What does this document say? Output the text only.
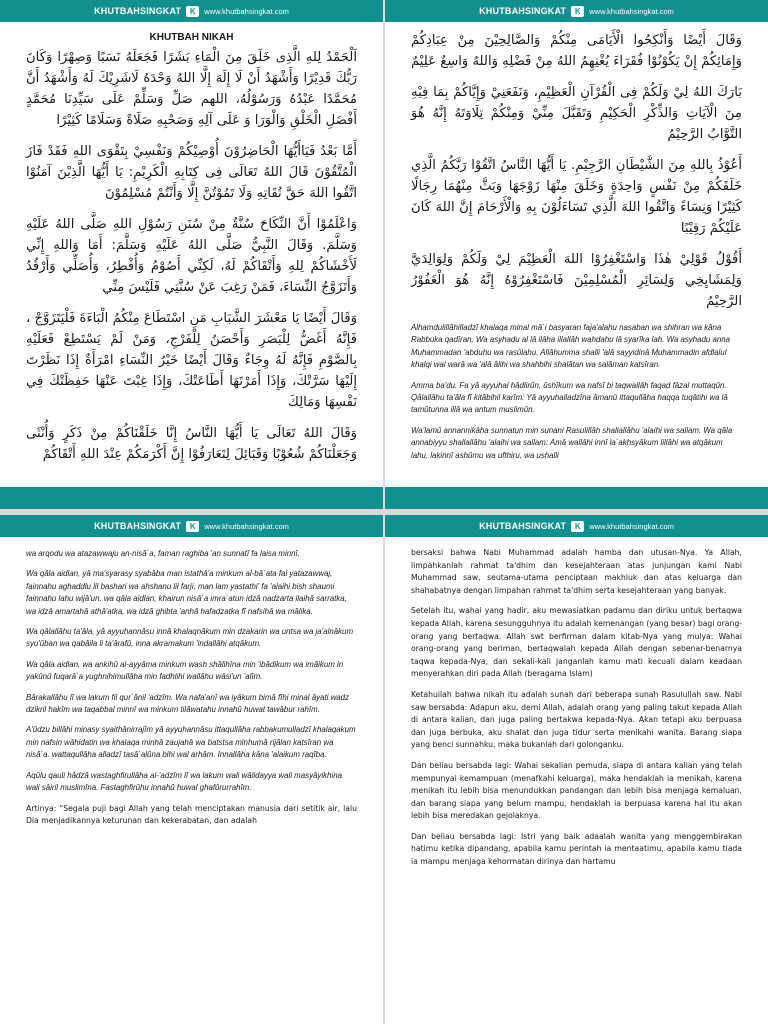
KHUTBAHSINGKAT	K	www.khutbahsingkat.com
KHUTBAH NIKAH

اَلْحَمْدُ لِلهِ الَّذِى خَلَقَ مِنَ الْمَاءِ بَشَرًا فَجَعَلَهُ نَسَبًا وَصِهْرًا وَكَانَ رَبُّكَ قَدِيْرًا وَأَشْهَدُ أَنْ لَا إِلَهَ إِلَّا اللهُ وَحْدَهُ لَاشَرِيْكَ لَهُ وَأَشْهَدُ أَنَّ مُحَمَّدًا عَبْدُهُ وَرَسُوْلُهُ، اللهم صَلِّ وَسَلِّمْ عَلَى سَيِّدِنَا مُحَمَّدٍ أَفْضَلِ الْخَلْقِ وَالْوَرَا وَ عَلَى آلِهِ وَصَحْبِهِ صَلَاةً وَسَلَامًا كَثِيْرًا

أَمَّا بَعْدُ فَيَاأَيُّهَا الْحَاضِرُوْنَ أُوْصِيْكُمْ وَنَفْسِيْ بِتَقْوَى اللهِ فَقَدْ فَازَ الْمُتَّقُوْنَ قَالَ اللهُ تَعَالَى فِى كِتَابِهِ الْكَرِيْمِ: يَا أَيُّهَا الَّذِيْنَ آمَنُوْا اتَّقُوا اللهَ حَقَّ تُقَاتِهِ وَلَا تَمُوْتُنَّ إِلَّا وَأَنْتُمْ مُسْلِمُوْنَ

وَاعْلَمُوْا أَنَّ النِّكَاحَ سُنَّةٌ مِنْ سُنَنِ رَسُوْلِ اللهِ صَلَّى اللهُ عَلَيْهِ وَسَلَّمَ. وَقَالَ النَّبِيُّ صَلَّى اللهُ عَلَيْهِ وَسَلَّمَ: أَمَا وَاللهِ إِنِّي لَأَخْشَاكُمْ لِلهِ وَأَتْقَاكُمْ لَهُ، لَكِنِّي أَصُوْمُ وَأُفْطِرُ، وَأُصَلِّي وَأَرْقُدُ وَأَتَزَوَّجُ النِّسَاءَ، فَمَنْ رَغِبَ عَنْ سُنَّتِي فَلَيْسَ مِنِّي

وَقَالَ أَيْضًا يَا مَعْشَرَ الشَّبَابِ مَنِ اسْتَطَاعَ مِنْكُمُ الْبَاءَةَ فَلْيَتَزَوَّجْ ، فَإِنَّهُ أَغَضُّ لِلْبَصَرِ وَأَحْصَنُ لِلْفَرْجِ، وَمَنْ لَمْ يَسْتَطِعْ فَعَلَيْهِ بِالصَّوْمِ فَإِنَّهُ لَهُ وِجَاءٌ وَقَالَ أَيْضًا خَيْرُ النِّسَاءِ امْرَأَةٌ إِذَا نَظَرْتَ إِلَيْهَا سَرَّتْكَ، وَإِذَا أَمَرْتَهَا أَطَاعَتْكَ، وَإِذَا غِبْتَ عَنْهَا حَفِظَتْكَ فِي نَفْسِهَا وَمَالِكَ

وَقَالَ اللهُ تَعَالَى يَا أَيُّهَا النَّاسُ إِنَّا خَلَقْنَاكُمْ مِنْ ذَكَرٍ وَأُنْثَى وَجَعَلْنَاكُمْ شُعُوْبًا وَقَبَائِلَ لِتَعَارَفُوْا إِنَّ أَكْرَمَكُمْ عِنْدَ اللهِ أَتْقَاكُمْ

KHUTBAHSINGKAT	K	www.khutbahsingkat.com

وَقَالَ أَيْضًا وَأَنْكِحُوا الْأَيَامَى مِنْكُمْ وَالصَّالِحِيْنَ مِنْ عِبَادِكُمْ وَإِمَائِكُمْ إِنْ يَكُوْنُوْا فُقَرَاءَ يُغْنِهِمُ اللهُ مِنْ فَضْلِهِ وَاللهُ وَاسِعٌ عَلِيْمٌ

بَارَكَ اللهُ لِيْ وَلَكُمْ فِى الْقُرْآنِ الْعَظِيْمِ، وَنَفَعَنِيْ وَإِيَّاكُمْ بِمَا فِيْهِ مِنَ الْآيَاتِ وَالذِّكْرِ الْحَكِيْمِ وَتَقَبَّلَ مِنِّيْ وَمِنْكُمْ تِلَاوَتَهُ إِنَّهُ هُوَ التَّوَّابُ الرَّحِيْمُ

أَعُوْذُ بِاللهِ مِنَ الشَّيْطَانِ الرَّجِيْمِ. يَا أَيُّهَا النَّاسُ اتَّقُوْا رَبَّكُمُ الَّذِي خَلَقَكُمْ مِنْ نَفْسٍ وَاحِدَةٍ وَخَلَقَ مِنْهَا زَوْجَهَا وَبَثَّ مِنْهُمَا رِجَالًا كَثِيْرًا وَنِسَاءً وَاتَّقُوا اللهَ الَّذِي تَسَاءَلُوْنَ بِهِ وَالْأَرْحَامَ إِنَّ اللهَ كَانَ عَلَيْكُمْ رَقِيْبًا

أَقُوْلُ قَوْلِيْ هٰذَا وَاسْتَغْفِرُوْا اللهَ الْعَظِيْمَ لِيْ وَلَكُمْ وَلِوَالِدَيَّ وَلِمَشَايِخِي وَلِسَائِرِ الْمُسْلِمِيْنَ فَاسْتَغْفِرُوْهُ إِنَّهُ هُوَ الْغَفُوْرُ الرَّحِيْمُ

Alhamdulillâhilladzî khalaqa minal mâ`i basyaran faja'alahu nasaban wa shihran wa kâna Rabbuka qadîran. Wa asyhadu al lâ ilâha illallâh wahdahu lâ syarîka lah. Wa asyhadu anna Muhammadan 'abduhu wa rasûlahu. Allâhumma shalli 'alâ sayyidinâ Muhammadin afdlalul khalqi wal warâ wa 'alâ âlihi wa shahbihi shalâtan wa salâman katsîran.

Amma ba'du. Fa yâ ayyuhal hâdlirûn, ûshîkum wa nafsî bi taqwallâh faqad fâzal muttaqûn. Qâlallâhu ta'âla fî kitâbihil karîm: Yâ ayyuhalladzîna âmanû ittaqullâha haqqa tuqâtihi wa lâ tamûtunna illâ wa antum muslimûn.

Wa'lamû annannikâha sunnatun min sunani Rasulillâh shallallâhu 'alaihi wa sallam. Wa qâla annabiyyu shallallâhu 'alaihi wa sallam: Amâ wallâhi innî la`akhsyâkum lillâhi wa atqâkum lahu, lakinnî ashûmu wa ufthiru, wa ushalli

KHUTBAHSINGKAT	K	www.khutbahsingkat.com

wa arqodu wa atazawwaju an-nisâ`a, faman raghiba 'an sunnatî fa laisa minnî.

Wa qâla aidlan, yâ ma'syarasy syabâba man istathâ'a minkum al-bâ`ata fal yatazawwaj, fainnahu aghaddlu lil bashari wa ahshanu lil farji, man lam yastathi' fa 'alaihi bish shaumi fainnahu lahu wijâ'un. wa qâla aidlan, khairun nisâ`a imra`atun idzâ nadzarta ilaihâ sarratka, wa idzâ amartahâ athâ'atka, wa idzâ ghibta 'anhâ hafadzatka fî nafsihâ wa mâlika.

Wa qâlallâhu ta'âla, yâ ayyuhannâsu innâ khalaqnâkum min dzakarin wa untsa wa ja'alnâkum syu'ûban wa qabâila li ta'ârafû, inna akramakum 'indallâhi atqâkum.

Wa qâla aidlan, wa ankihû al-ayyâma minkum wash shâlihîna min 'ibâdikum wa imâikum in yakûnû fuqarâ`a yughnihimullâha min fadhlihi wallâhu wâsi'un 'alîm.

Bârakallâhu lî wa lakum fil qur`ânil 'adzîm. Wa nafa'anî wa iyâkum bimâ fîhi minal âyati wadz dzikril hakîm wa taqabbal minnî wa minkum tilâwatahu innahû huwat tawâbur rahîm.

A'ûdzu billâhi minasy syaithânirrajîm yâ ayyuhannâsu ittaqullâha rabbakumulladzî khalaqakum min nafsin wâhidatin wa khalaqa minhâ zaujahâ wa batstsa minhumâ rijâlan katsîran wa nisâ`a. wattaqullâha alladzî tasâ`alûna bihi wal arhâm. Innallâha kâna 'alaikum raqîba.

Aqûlu qauli hâdzâ wastaghfirullâha al-'adzîm lî wa lakum wali wâlidayya wali masyâyikhina wali sâiril muslimîna. Fastaghfirûhu innahû huwal ghafûrurrahîm.

Artinya: “Segala puji bagi Allah yang telah menciptakan manusia dari setitik air, lalu Dia menjadikannya keturunan dan kekerabatan, dan adalah

KHUTBAHSINGKAT	K	www.khutbahsingkat.com

bersaksi bahwa Nabi Muhammad adalah hamba dan utusan-Nya. Ya Allah, limpahkanlah rahmat ta'dhim dan kesejahteraan atas junjungan kami Nabi Muhammad saw, seutama-utama penciptaan makhluk dan atas keluarga dan shahabatnya dengan limpahan rahmat ta'dhim serta kesejahteraan yang banyak.

Setelah itu, wahai yang hadir, aku mewasiatkan padamu dan diriku untuk bertaqwa kepada Allah, karena sesungguhnya itu adalah kemenangan (yang besar) bagi orang-orang yang bertaqwa. Allah swt berfirman dalam kitab-Nya yang mulya: Wahai orang-orang yang beriman, bertaqwalah kepada Allah dengan sebenar-benarnya taqwa kepada-Nya, dan sekali-kali janganlah kamu mati kecuali dalam keadaan menyerahkan diri pada Allah (beragama Islam)

Ketahuilah bahwa nikah itu adalah sunah dari beberapa sunah Rasulullah saw. Nabi saw bersabda: Adapun aku, demi Allah, adalah orang yang paling takut kepada Allah di antara kalian, dan juga paling bertakwa kepada-Nya. Akan tetapi aku berpuasa dan juga berbuka, aku shalat dan juga tidur serta menikahi wanita. Barang siapa yang benci sunnahku, maka bukanlah dari golonganku.

Dan beliau bersabda lagi: Wahai sekalian pemuda, siapa di antara kalian yang telah mempunyai kemampuan (menafkahi keluarga), maka hendaklah ia menikah, karena menikah itu lebih bisa menundukkan pandangan dan lebih bisa menjaga kemaluan, dan barang siapa yang belum mampu, hendaklah ia berpuasa karena hal itu akan lebih bisa meredakan gejolaknya.

Dan beliau bersabda lagi: Istri yang baik adaalah wanita yang menggembirakan hatimu ketika dipandang, apabila kamu perintah ia mentaatimu, apabila kamu tiada ia mampu menjaga kehormatan dirinya dan hartamu
